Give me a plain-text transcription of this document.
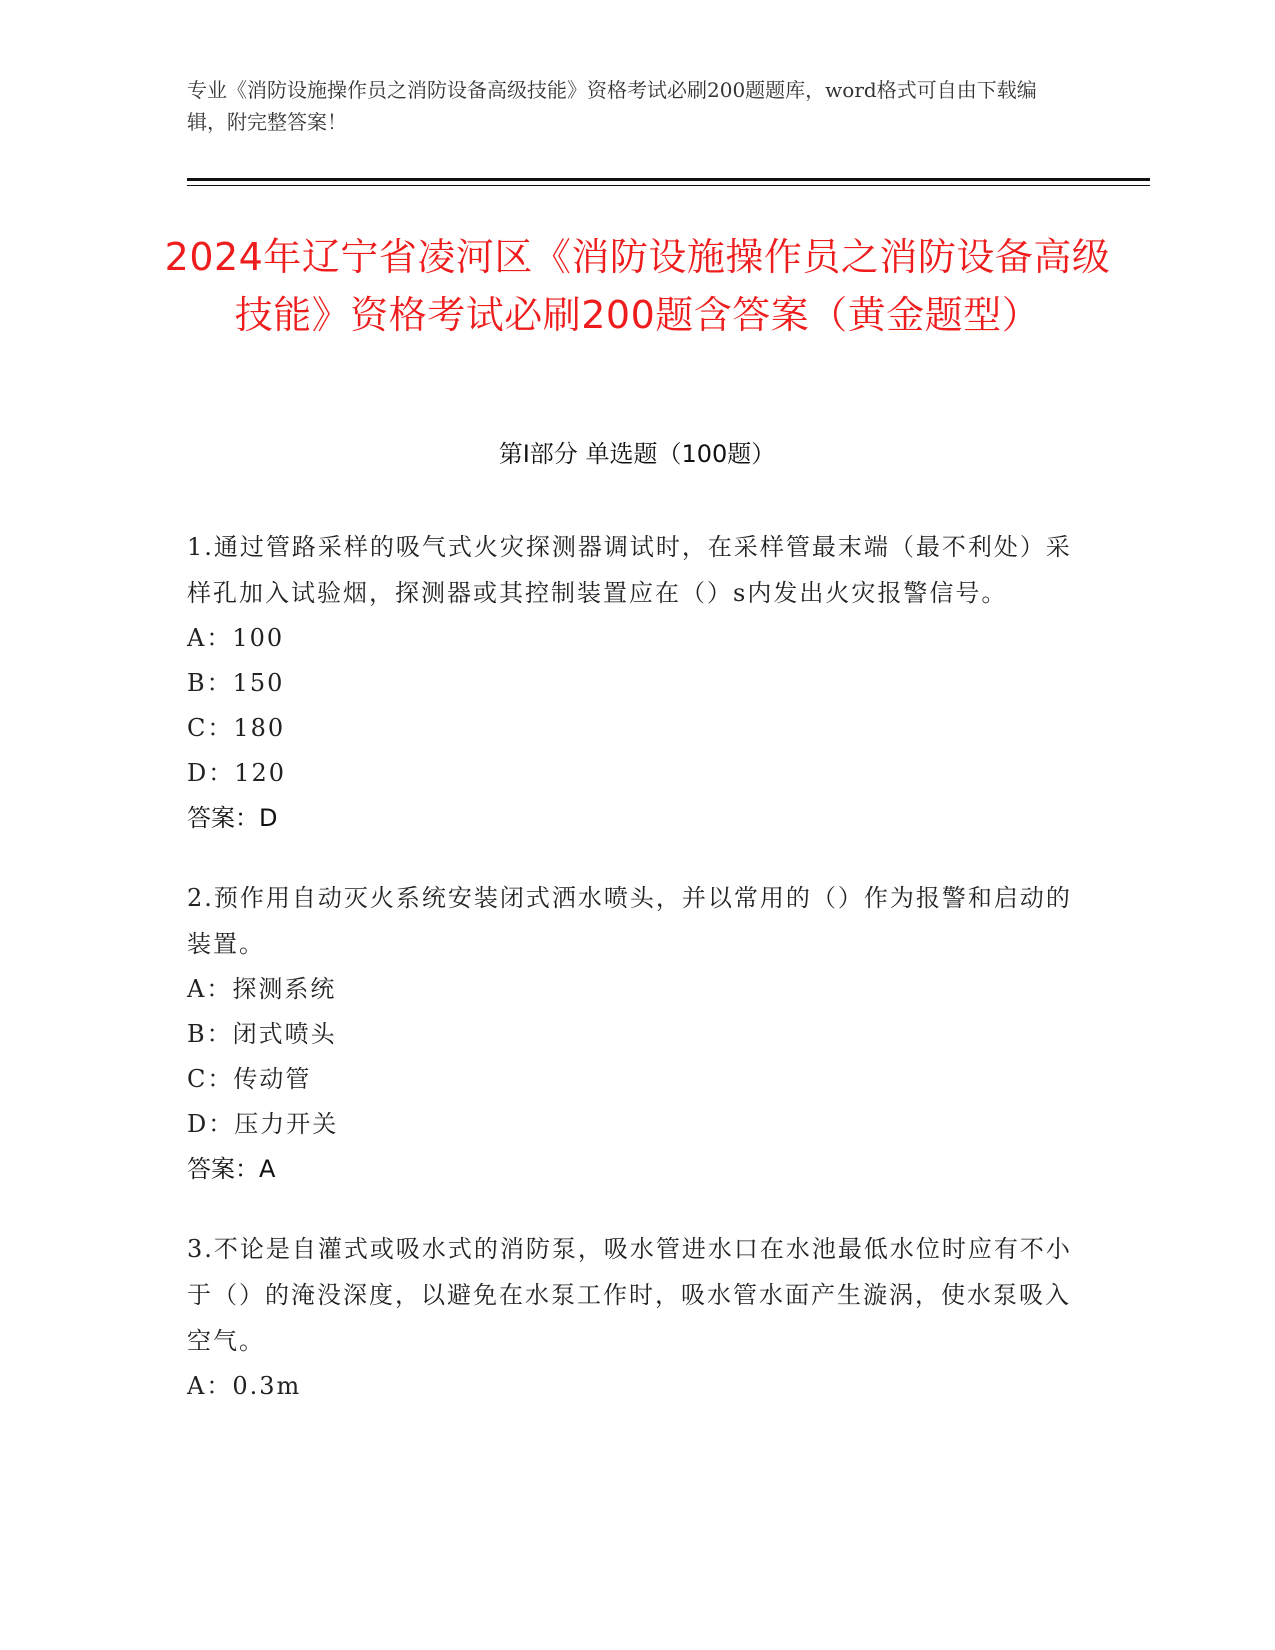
专业《消防设施操作员之消防设备高级技能》资格考试必刷200题题库，word格式可自由下载编辑，附完整答案！
2024年辽宁省凌河区《消防设施操作员之消防设备高级技能》资格考试必刷200题含答案（黄金题型）
第I部分 单选题（100题）
1.通过管路采样的吸气式火灾探测器调试时，在采样管最末端（最不利处）采样孔加入试验烟，探测器或其控制装置应在（）s内发出火灾报警信号。
A：100
B：150
C：180
D：120
答案：D
2.预作用自动灭火系统安装闭式洒水喷头，并以常用的（）作为报警和启动的装置。
A：探测系统
B：闭式喷头
C：传动管
D：压力开关
答案：A
3.不论是自灌式或吸水式的消防泵，吸水管进水口在水池最低水位时应有不小于（）的淹没深度，以避免在水泵工作时，吸水管水面产生漩涡，使水泵吸入空气。
A：0.3m
